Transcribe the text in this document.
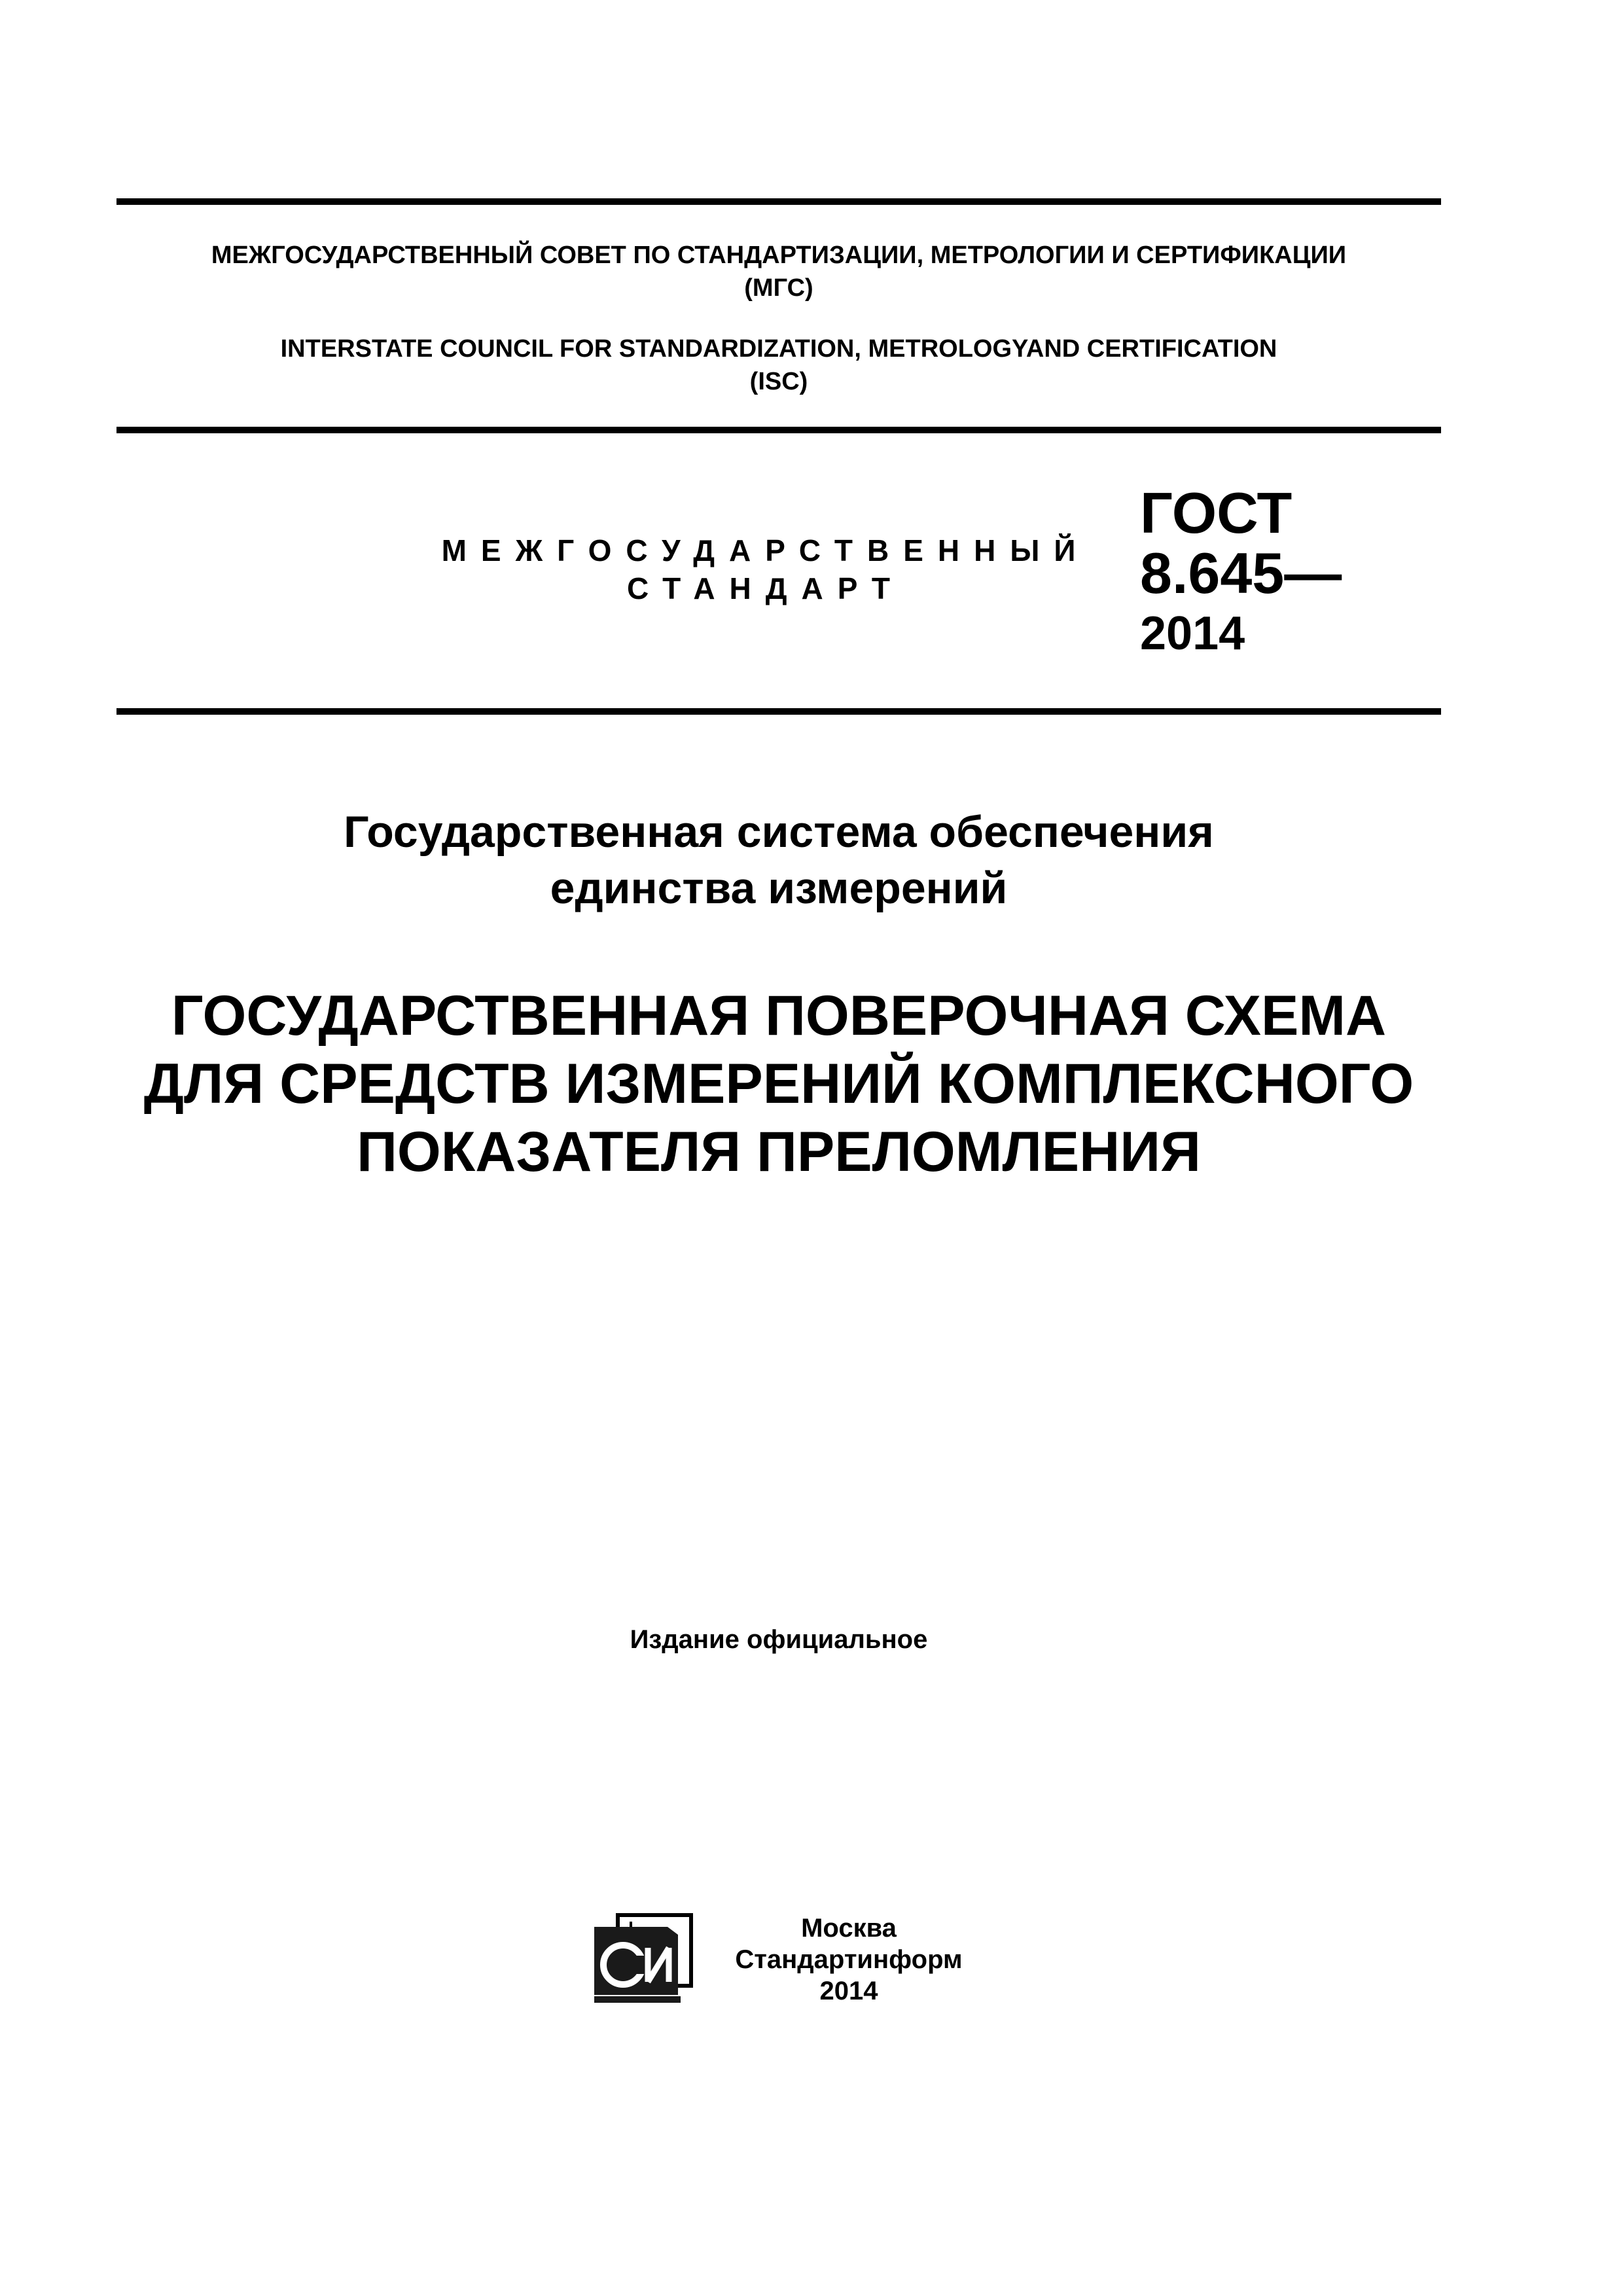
МЕЖГОСУДАРСТВЕННЫЙ СОВЕТ ПО СТАНДАРТИЗАЦИИ, МЕТРОЛОГИИ И СЕРТИФИКАЦИИ
(МГС)
INTERSTATE COUNCIL FOR STANDARDIZATION, METROLOGYAND CERTIFICATION
(ISC)
МЕЖГОСУДАРСТВЕННЫЙ
СТАНДАРТ
ГОСТ
8.645—
2014
Государственная система обеспечения
единства измерений
ГОСУДАРСТВЕННАЯ ПОВЕРОЧНАЯ СХЕМА
ДЛЯ СРЕДСТВ ИЗМЕРЕНИЙ КОМПЛЕКСНОГО
ПОКАЗАТЕЛЯ ПРЕЛОМЛЕНИЯ
Издание официальное
Москва
Стандартинформ
2014
